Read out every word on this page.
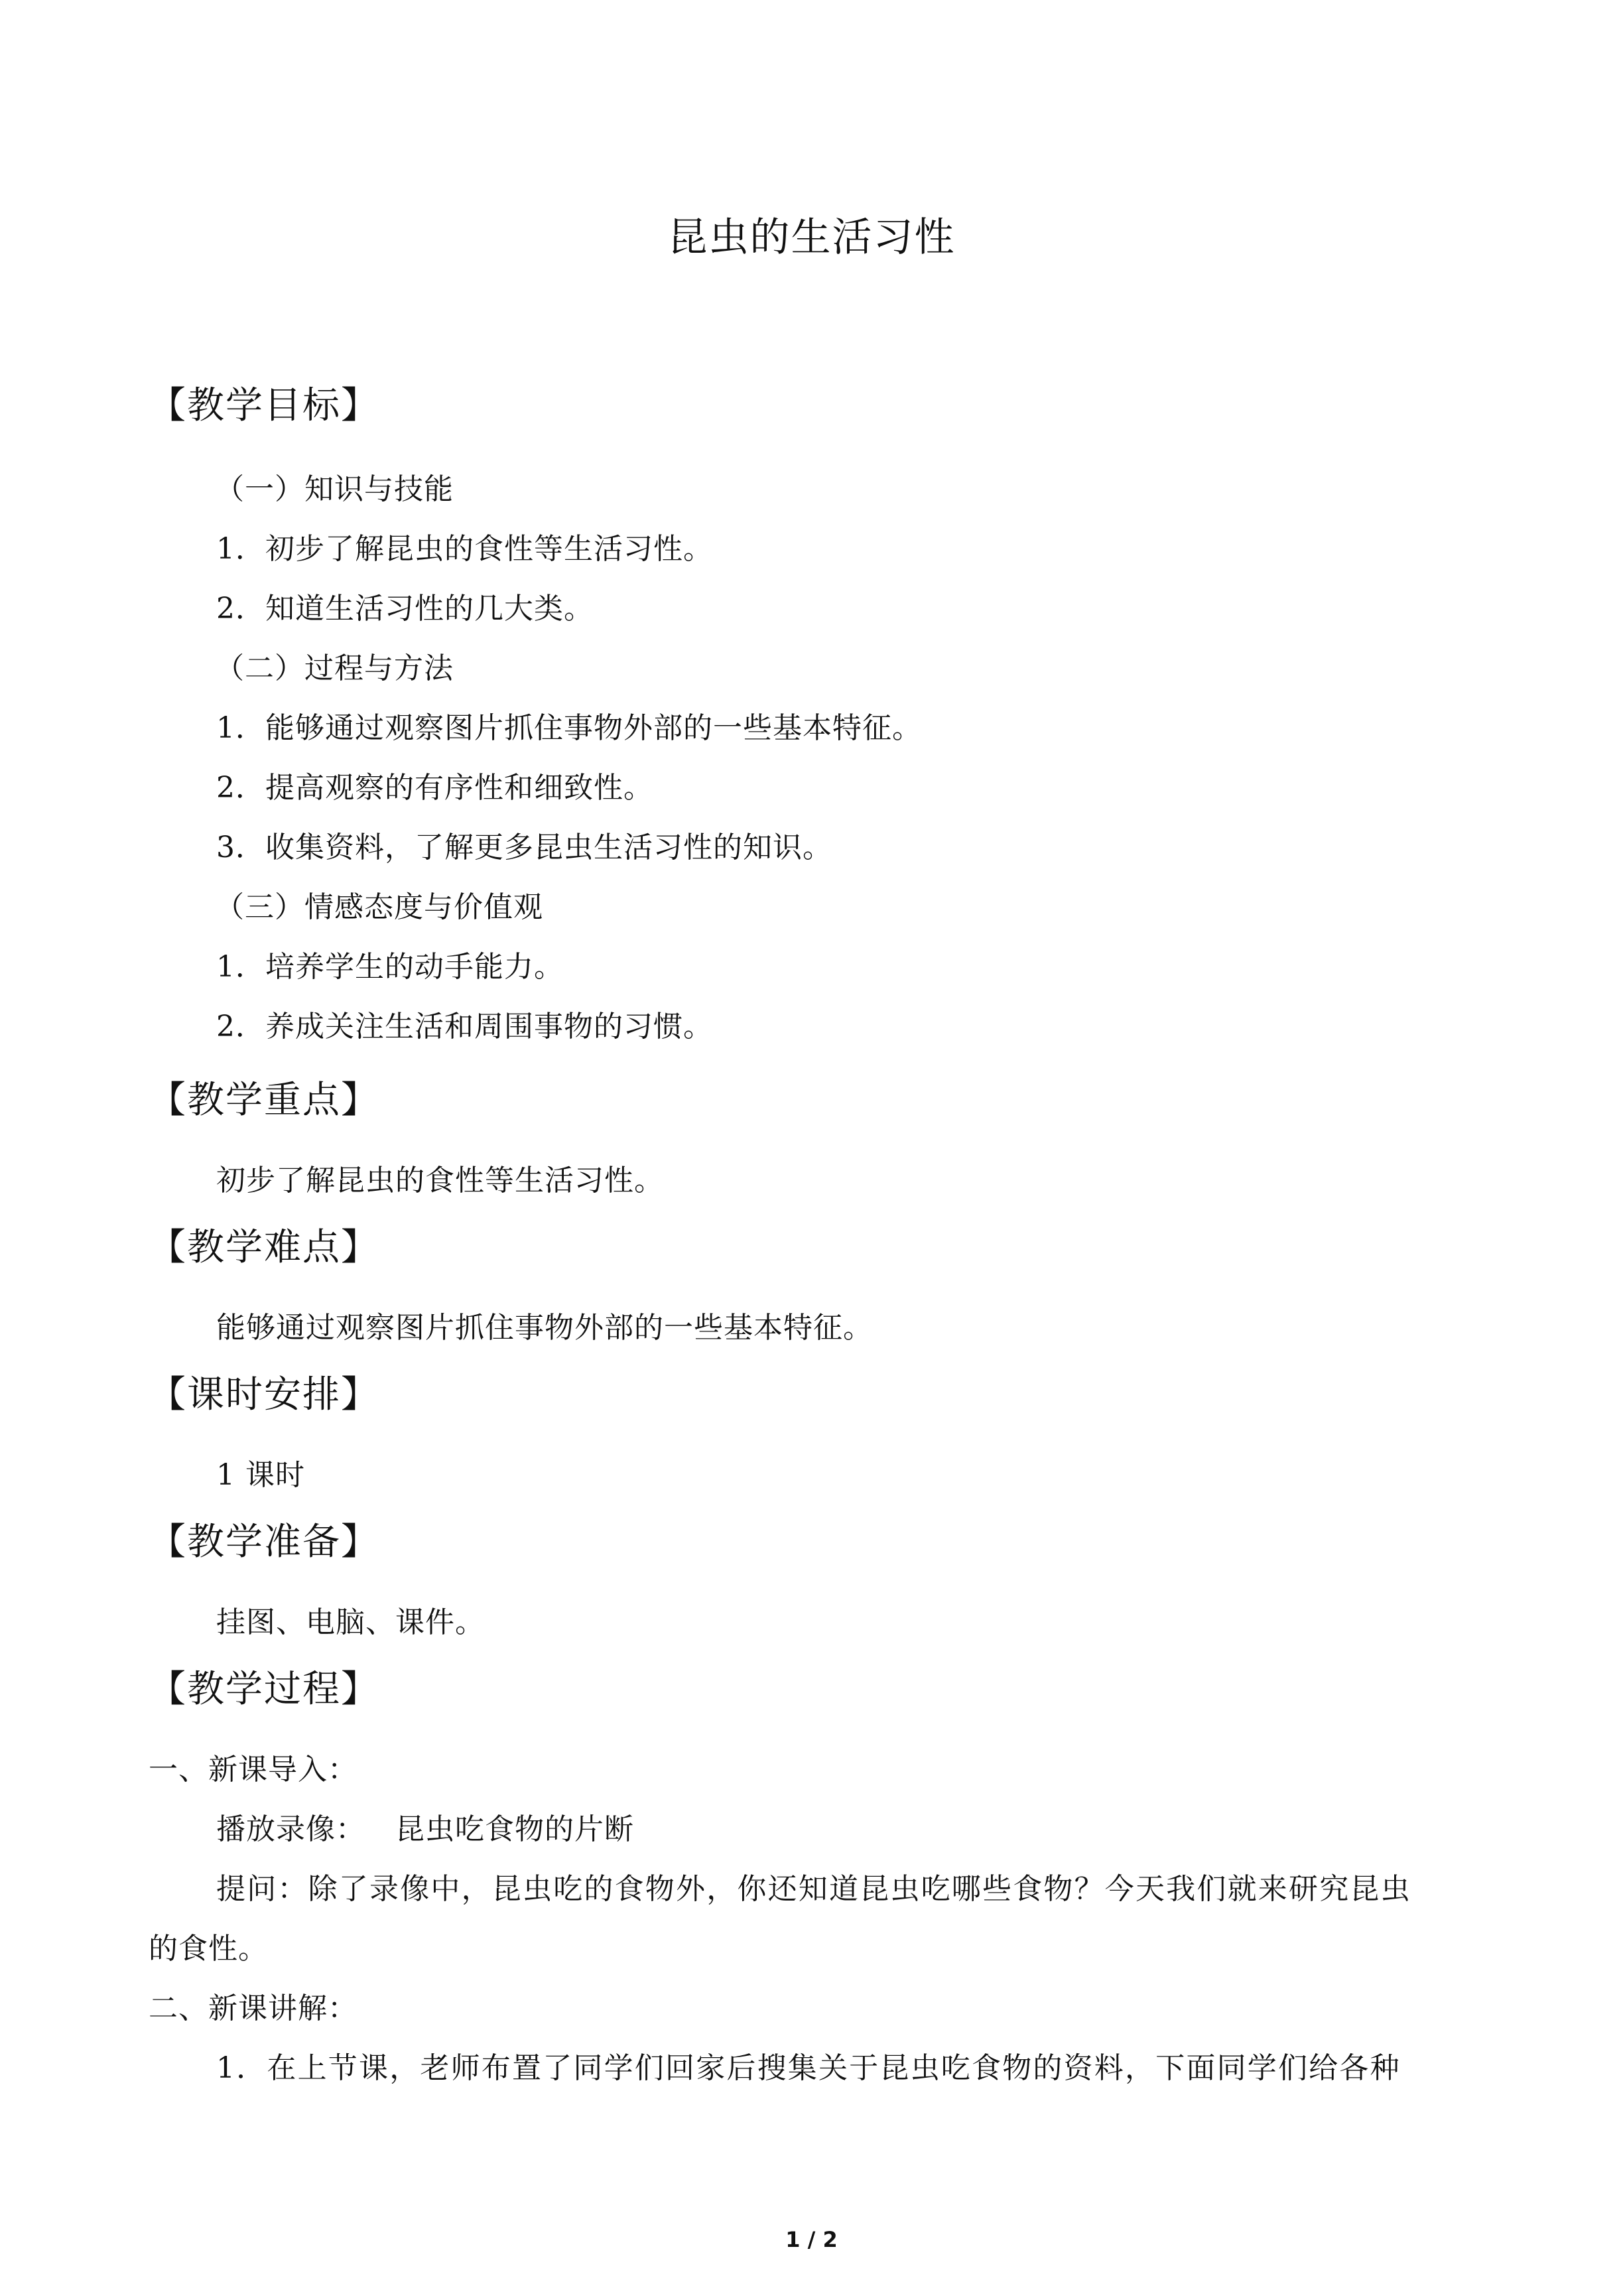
昆虫的生活习性
【教学目标】
（一）知识与技能
1．初步了解昆虫的食性等生活习性。
2．知道生活习性的几大类。
（二）过程与方法
1．能够通过观察图片抓住事物外部的一些基本特征。
2．提高观察的有序性和细致性。
3．收集资料，了解更多昆虫生活习性的知识。
（三）情感态度与价值观
1．培养学生的动手能力。
2．养成关注生活和周围事物的习惯。
【教学重点】
初步了解昆虫的食性等生活习性。
【教学难点】
能够通过观察图片抓住事物外部的一些基本特征。
【课时安排】
1 课时
【教学准备】
挂图、电脑、课件。
【教学过程】
一、新课导入：
播放录像：   昆虫吃食物的片断
提问：除了录像中，昆虫吃的食物外，你还知道昆虫吃哪些食物？今天我们就来研究昆虫
的食性。
二、新课讲解：
1．在上节课，老师布置了同学们回家后搜集关于昆虫吃食物的资料，下面同学们给各种
1 / 2
